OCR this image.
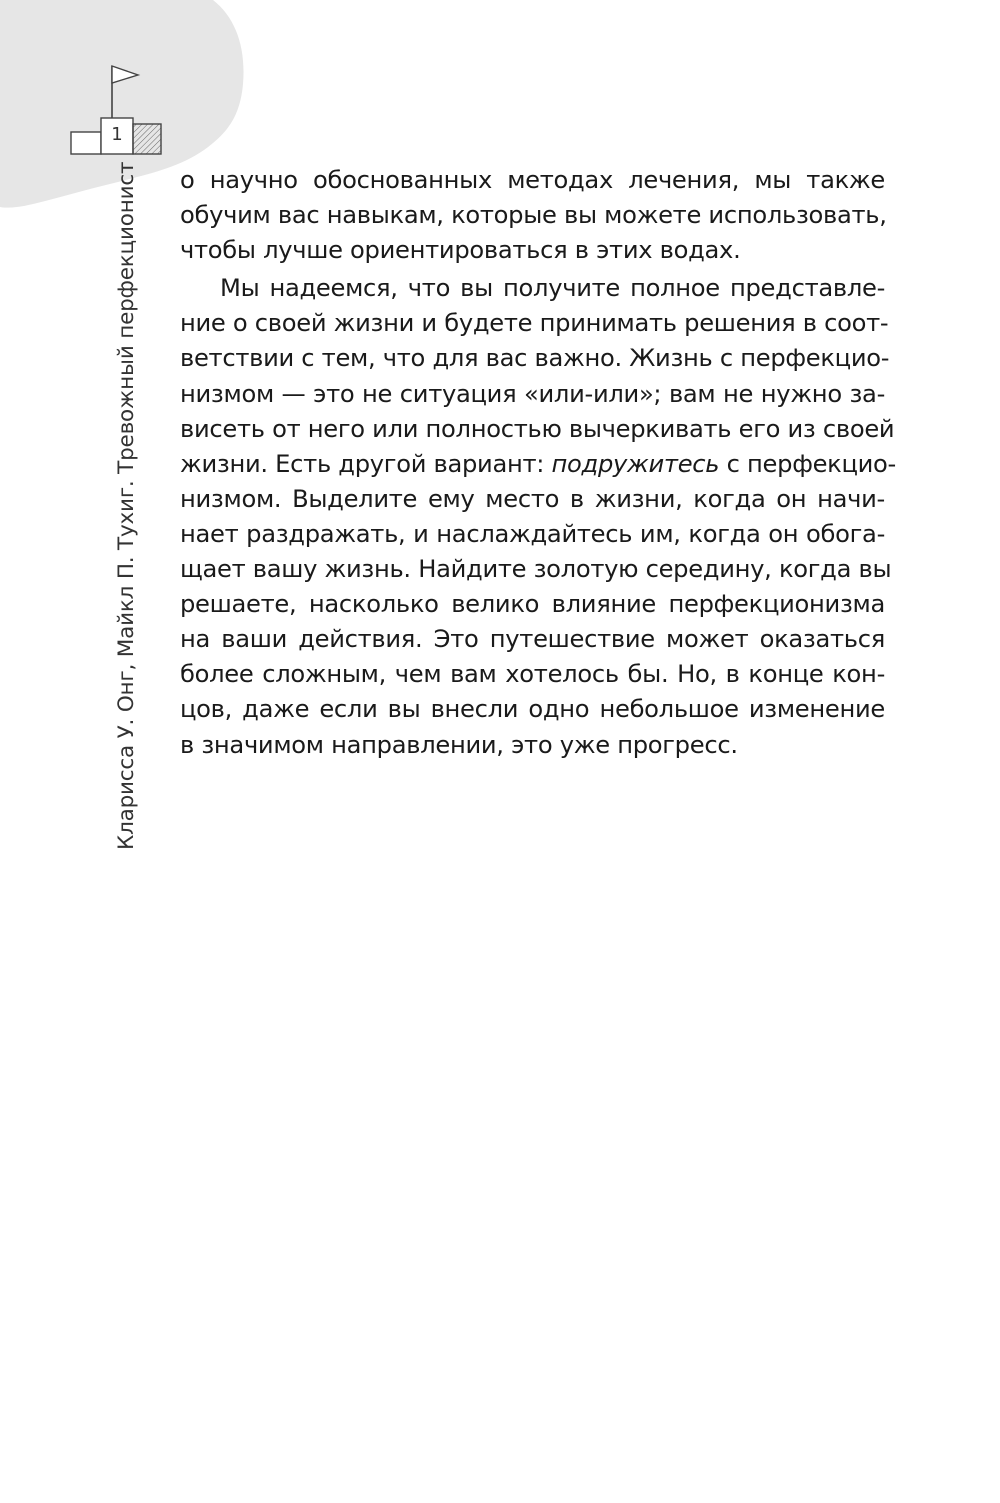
1
Кларисса У. Онг, Майкл П. Тухиг. Тревожный перфекционист о научно обоснованных методах лечения, мы также
обучим вас навыкам, которые вы можете использовать,
чтобы лучше ориентироваться в этих водах.
Мы надеемся, что вы получите полное представле-
ние о своей жизни и будете принимать решения в соот-
ветствии с тем, что для вас важно. Жизнь с перфекцио-
низмом — это не ситуация «или-или»; вам не нужно за-
висеть от него или полностью вычеркивать его из своей
жизни. Есть другой вариант: подружитесь с перфекцио-
низмом. Выделите ему место в жизни, когда он начи-
нает раздражать, и наслаждайтесь им, когда он обога-
щает вашу жизнь. Найдите золотую середину, когда вы
решаете, насколько велико влияние перфекционизма
на ваши действия. Это путешествие может оказаться
более сложным, чем вам хотелось бы. Но, в конце кон-
цов, даже если вы внесли одно небольшое изменение
в значимом направлении, это уже прогресс.
